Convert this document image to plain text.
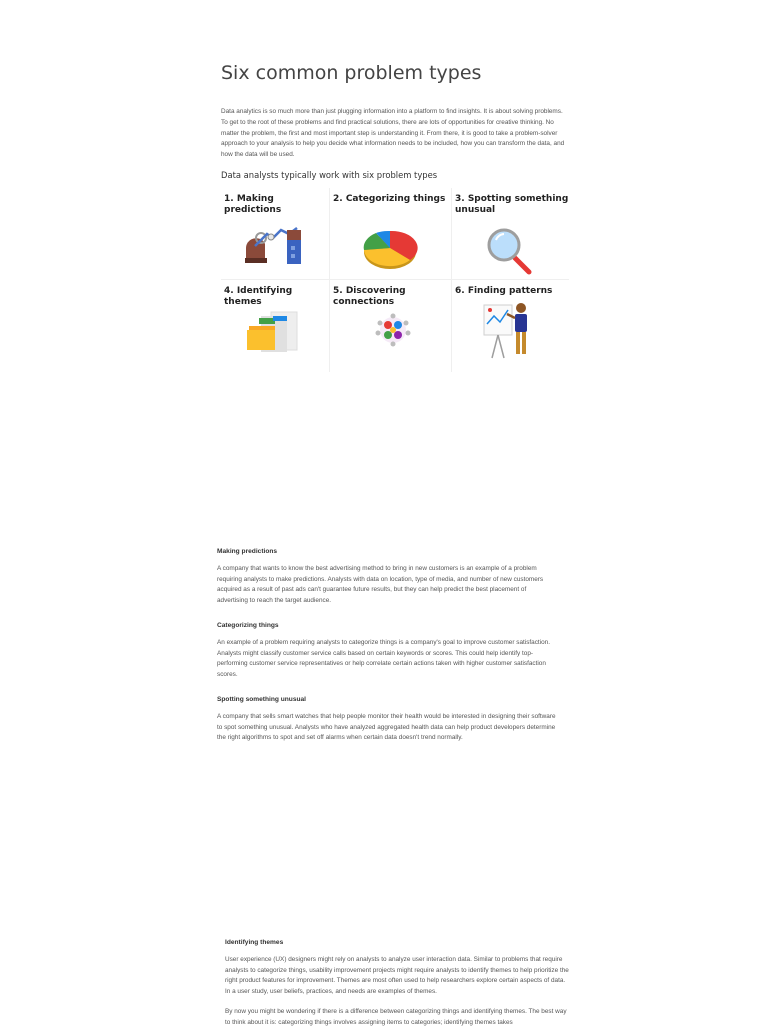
Six common problem types

Data analytics is so much more than just plugging information into a platform to find insights. It is about solving problems. To get to the root of these problems and find practical solutions, there are lots of opportunities for creative thinking. No matter the problem, the first and most important step is understanding it. From there, it is good to take a problem-solver approach to your analysis to help you decide what information needs to be included, how you can transform the data, and how the data will be used.

Data analysts typically work with six problem types

1. Making predictions
2. Categorizing things 3. Spotting something unusual
4. Identifying themes
5. Discovering connections
6. Finding patterns

Making predictions

A company that wants to know the best advertising method to bring in new customers is an example of a problem requiring analysts to make predictions. Analysts with data on location, type of media, and number of new customers acquired as a result of past ads can't guarantee future results, but they can help predict the best placement of advertising to reach the target audience.

Categorizing things

An example of a problem requiring analysts to categorize things is a company's goal to improve customer satisfaction. Analysts might classify customer service calls based on certain keywords or scores. This could help identify top-performing customer service representatives or help correlate certain actions taken with higher customer satisfaction scores.

Spotting something unusual

A company that sells smart watches that help people monitor their health would be interested in designing their software to spot something unusual. Analysts who have analyzed aggregated health data can help product developers determine the right algorithms to spot and set off alarms when certain data doesn't trend normally.

Identifying themes

User experience (UX) designers might rely on analysts to analyze user interaction data. Similar to problems that require analysts to categorize things, usability improvement projects might require analysts to identify themes to help prioritize the right product features for improvement. Themes are most often used to help researchers explore certain aspects of data. In a user study, user beliefs, practices, and needs are examples of themes.

By now you might be wondering if there is a difference between categorizing things and identifying themes. The best way to think about it is: categorizing things involves assigning items to categories; identifying themes takes
